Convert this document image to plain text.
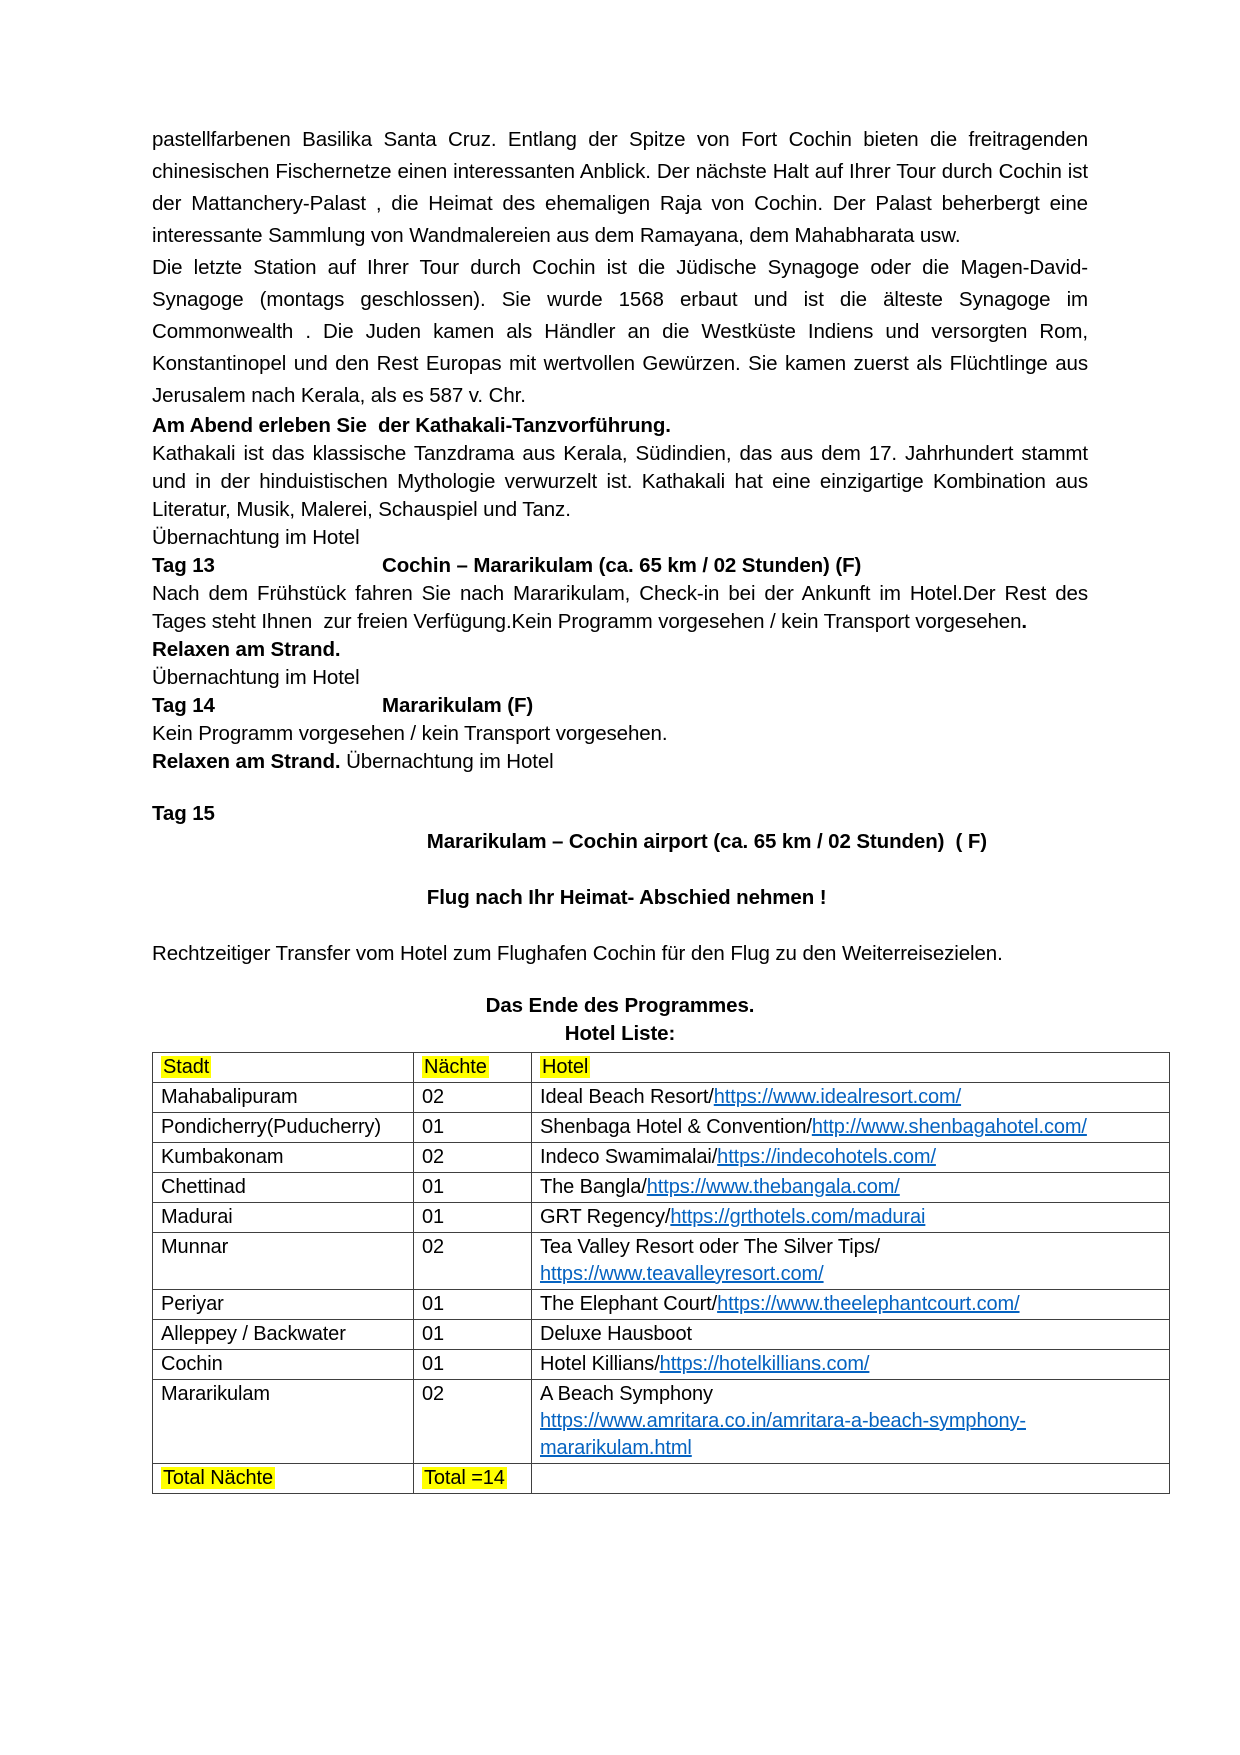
pastellfarbenen Basilika Santa Cruz. Entlang der Spitze von Fort Cochin bieten die freitragenden chinesischen Fischernetze einen interessanten Anblick. Der nächste Halt auf Ihrer Tour durch Cochin ist der Mattanchery-Palast , die Heimat des ehemaligen Raja von Cochin. Der Palast beherbergt eine interessante Sammlung von Wandmalereien aus dem Ramayana, dem Mahabharata usw.

Die letzte Station auf Ihrer Tour durch Cochin ist die Jüdische Synagoge oder die Magen-David-Synagoge (montags geschlossen). Sie wurde 1568 erbaut und ist die älteste Synagoge im Commonwealth . Die Juden kamen als Händler an die Westküste Indiens und versorgten Rom, Konstantinopel und den Rest Europas mit wertvollen Gewürzen. Sie kamen zuerst als Flüchtlinge aus Jerusalem nach Kerala, als es 587 v. Chr.

Am Abend erleben Sie  der Kathakali-Tanzvorführung.

Kathakali ist das klassische Tanzdrama aus Kerala, Südindien, das aus dem 17. Jahrhundert stammt und in der hinduistischen Mythologie verwurzelt ist. Kathakali hat eine einzigartige Kombination aus Literatur, Musik, Malerei, Schauspiel und Tanz.

Übernachtung im Hotel

Tag 13	Cochin – Mararikulam (ca. 65 km / 02 Stunden) (F)

Nach dem Frühstück fahren Sie nach Mararikulam, Check-in bei der Ankunft im Hotel.Der Rest des Tages steht Ihnen  zur freien Verfügung.Kein Programm vorgesehen / kein Transport vorgesehen.

Relaxen am Strand.

Übernachtung im Hotel

Tag 14	Mararikulam (F)

Kein Programm vorgesehen / kein Transport vorgesehen.

Relaxen am Strand. Übernachtung im Hotel

Tag 15

Mararikulam – Cochin airport (ca. 65 km / 02 Stunden)  ( F)

Flug nach Ihr Heimat- Abschied nehmen !

Rechtzeitiger Transfer vom Hotel zum Flughafen Cochin für den Flug zu den Weiterreisezielen.

Das Ende des Programmes.

Hotel Liste:

Stadt	Nächte	Hotel
Mahabalipuram	02	Ideal Beach Resort/https://www.idealresort.com/
Pondicherry(Puducherry)	01	Shenbaga Hotel & Convention/http://www.shenbagahotel.com/
Kumbakonam	02	Indeco Swamimalai/https://indecohotels.com/
Chettinad	01	The Bangla/https://www.thebangala.com/
Madurai	01	GRT Regency/https://grthotels.com/madurai
Munnar	02	Tea Valley Resort oder The Silver Tips/
https://www.teavalleyresort.com/
Periyar	01	The Elephant Court/https://www.theelephantcourt.com/
Alleppey / Backwater	01	Deluxe Hausboot
Cochin	01	Hotel Killians/https://hotelkillians.com/
Mararikulam	02	A Beach Symphony
https://www.amritara.co.in/amritara-a-beach-symphony-
mararikulam.html
Total Nächte	Total =14	
